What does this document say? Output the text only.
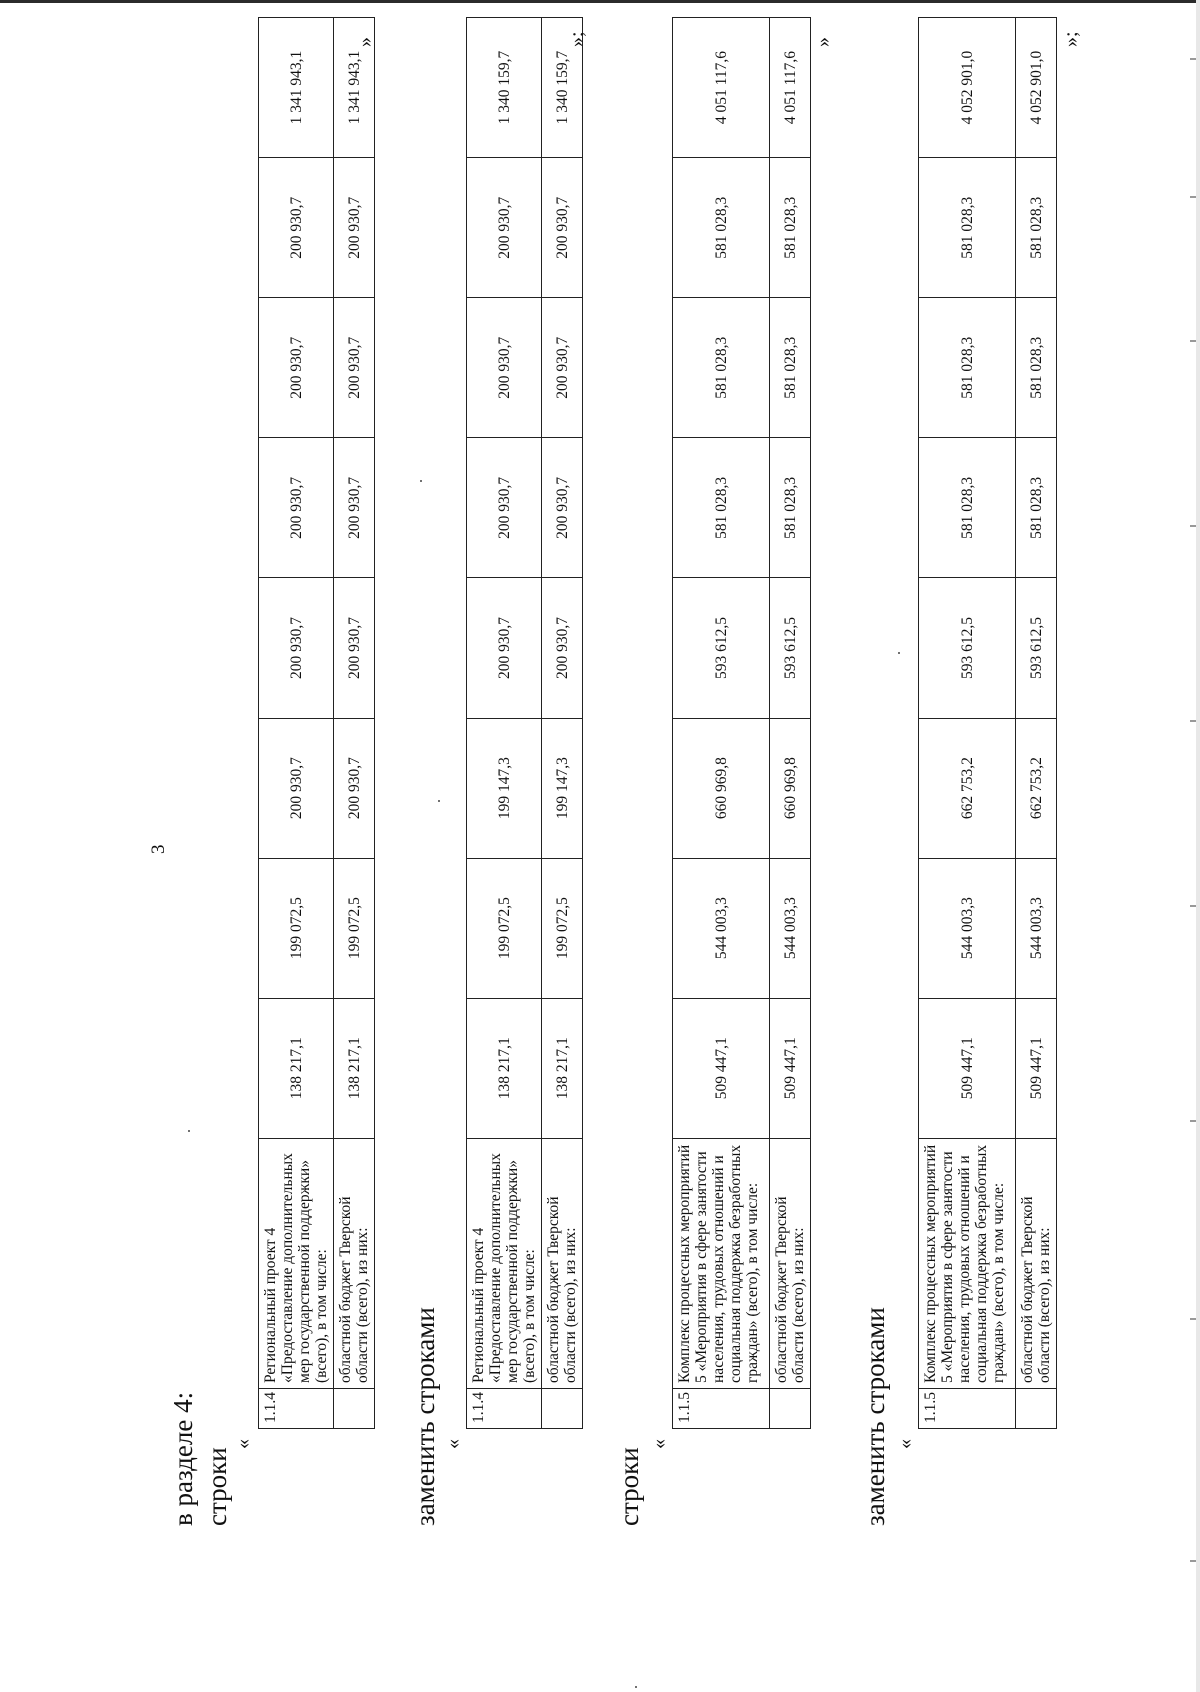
3
в разделе 4: строки
«
1.1.4	Региональный проект 4 «Предоставление дополнительных мер государственной поддержки» (всего), в том числе:	138 217,1	199 072,5	200 930,7	200 930,7	200 930,7	200 930,7	200 930,7	1 341 943,1
	областной бюджет Тверской области (всего), из них:	138 217,1	199 072,5	200 930,7	200 930,7	200 930,7	200 930,7	200 930,7	1 341 943,1
»
заменить строками «
1.1.4	Региональный проект 4 «Предоставление дополнительных мер государственной поддержки» (всего), в том числе:	138 217,1	199 072,5	199 147,3	200 930,7	200 930,7	200 930,7	200 930,7	1 340 159,7
	областной бюджет Тверской области (всего), из них:	138 217,1	199 072,5	199 147,3	200 930,7	200 930,7	200 930,7	200 930,7	1 340 159,7
»;
строки
«
1.1.5	Комплекс процессных мероприятий 5 «Мероприятия в сфере занятости населения, трудовых отношений и социальная поддержка безработных граждан» (всего), в том числе:	509 447,1	544 003,3	660 969,8	593 612,5	581 028,3	581 028,3	581 028,3	4 051 117,6
	областной бюджет Тверской области (всего), из них:	509 447,1	544 003,3	660 969,8	593 612,5	581 028,3	581 028,3	581 028,3	4 051 117,6
»
заменить строками «
1.1.5	Комплекс процессных мероприятий 5 «Мероприятия в сфере занятости населения, трудовых отношений и социальная поддержка безработных граждан» (всего), в том числе:	509 447,1	544 003,3	662 753,2	593 612,5	581 028,3	581 028,3	581 028,3	4 052 901,0
	областной бюджет Тверской области (всего), из них:	509 447,1	544 003,3	662 753,2	593 612,5	581 028,3	581 028,3	581 028,3	4 052 901,0
»;
